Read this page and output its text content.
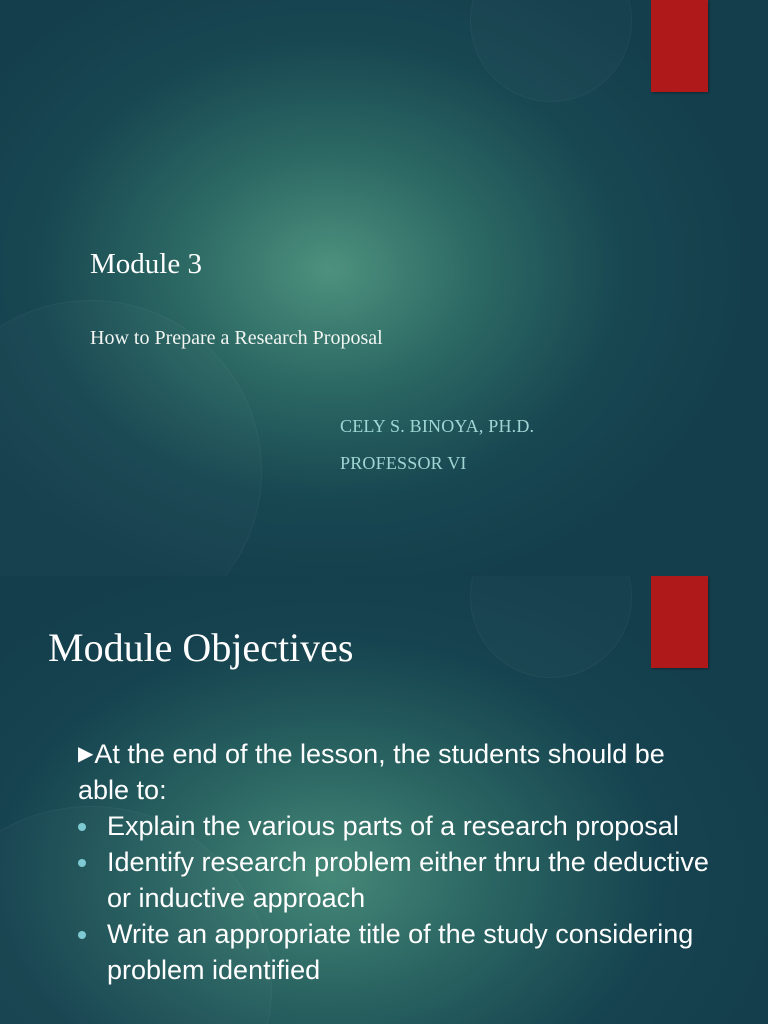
Module 3
How to Prepare a Research Proposal
CELY S. BINOYA, PH.D.
PROFESSOR VI
Module Objectives

▶At the end of the lesson, the students should be able to:

Explain the various parts of a research proposal
Identify research problem either thru the deductive or inductive approach
Write an appropriate title of the study considering problem identified
